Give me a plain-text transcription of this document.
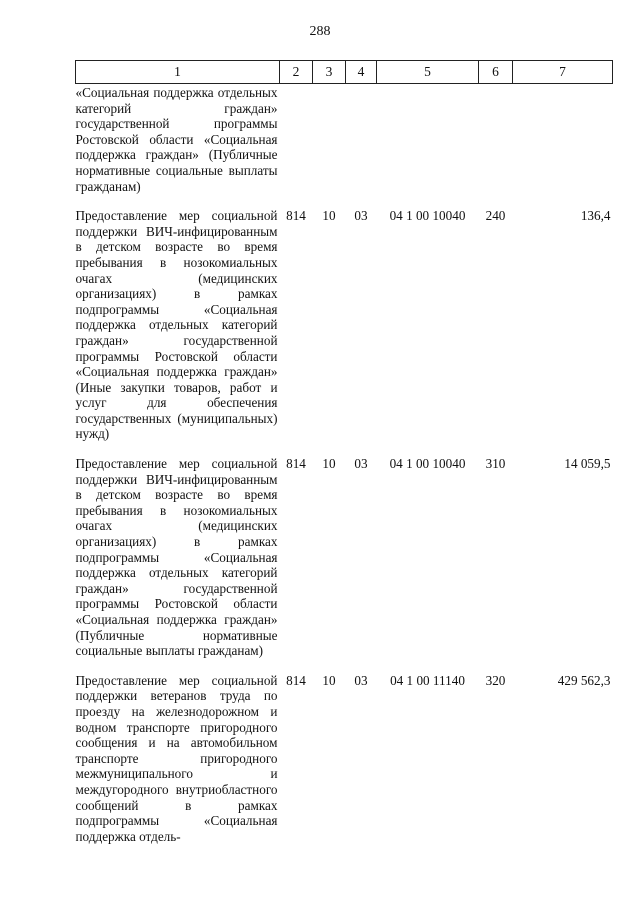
288
1	2	3	4	5	6	7

«Социальная поддержка отдельных категорий граждан» государственной программы Ростовской области «Социальная поддержка граждан» (Публичные нормативные социальные выплаты гражданам)						

Предоставление мер социальной поддержки ВИЧ-инфицированным в детском возрасте во время пребывания в нозокомиальных очагах (медицинских организациях) в рамках подпрограммы «Социальная поддержка отдельных категорий граждан» государственной программы Ростовской области «Социальная поддержка граждан» (Иные закупки товаров, работ и услуг для обеспечения государственных (муниципальных) нужд)	814	10	03	04 1 00 10040	240	136,4

Предоставление мер социальной поддержки ВИЧ-инфицированным в детском возрасте во время пребывания в нозокомиальных очагах (медицинских организациях) в рамках подпрограммы «Социальная поддержка отдельных категорий граждан» государственной программы Ростовской области «Социальная поддержка граждан» (Публичные нормативные социальные выплаты гражданам)	814	10	03	04 1 00 10040	310	14 059,5

Предоставление мер социальной поддержки ветеранов труда по проезду на железнодорожном и водном транспорте пригородного сообщения и на автомобильном транспорте пригородного межмуниципального и междугородного внутриобластного сообщений в рамках подпрограммы «Социальная поддержка отдель-	814	10	03	04 1 00 11140	320	429 562,3
